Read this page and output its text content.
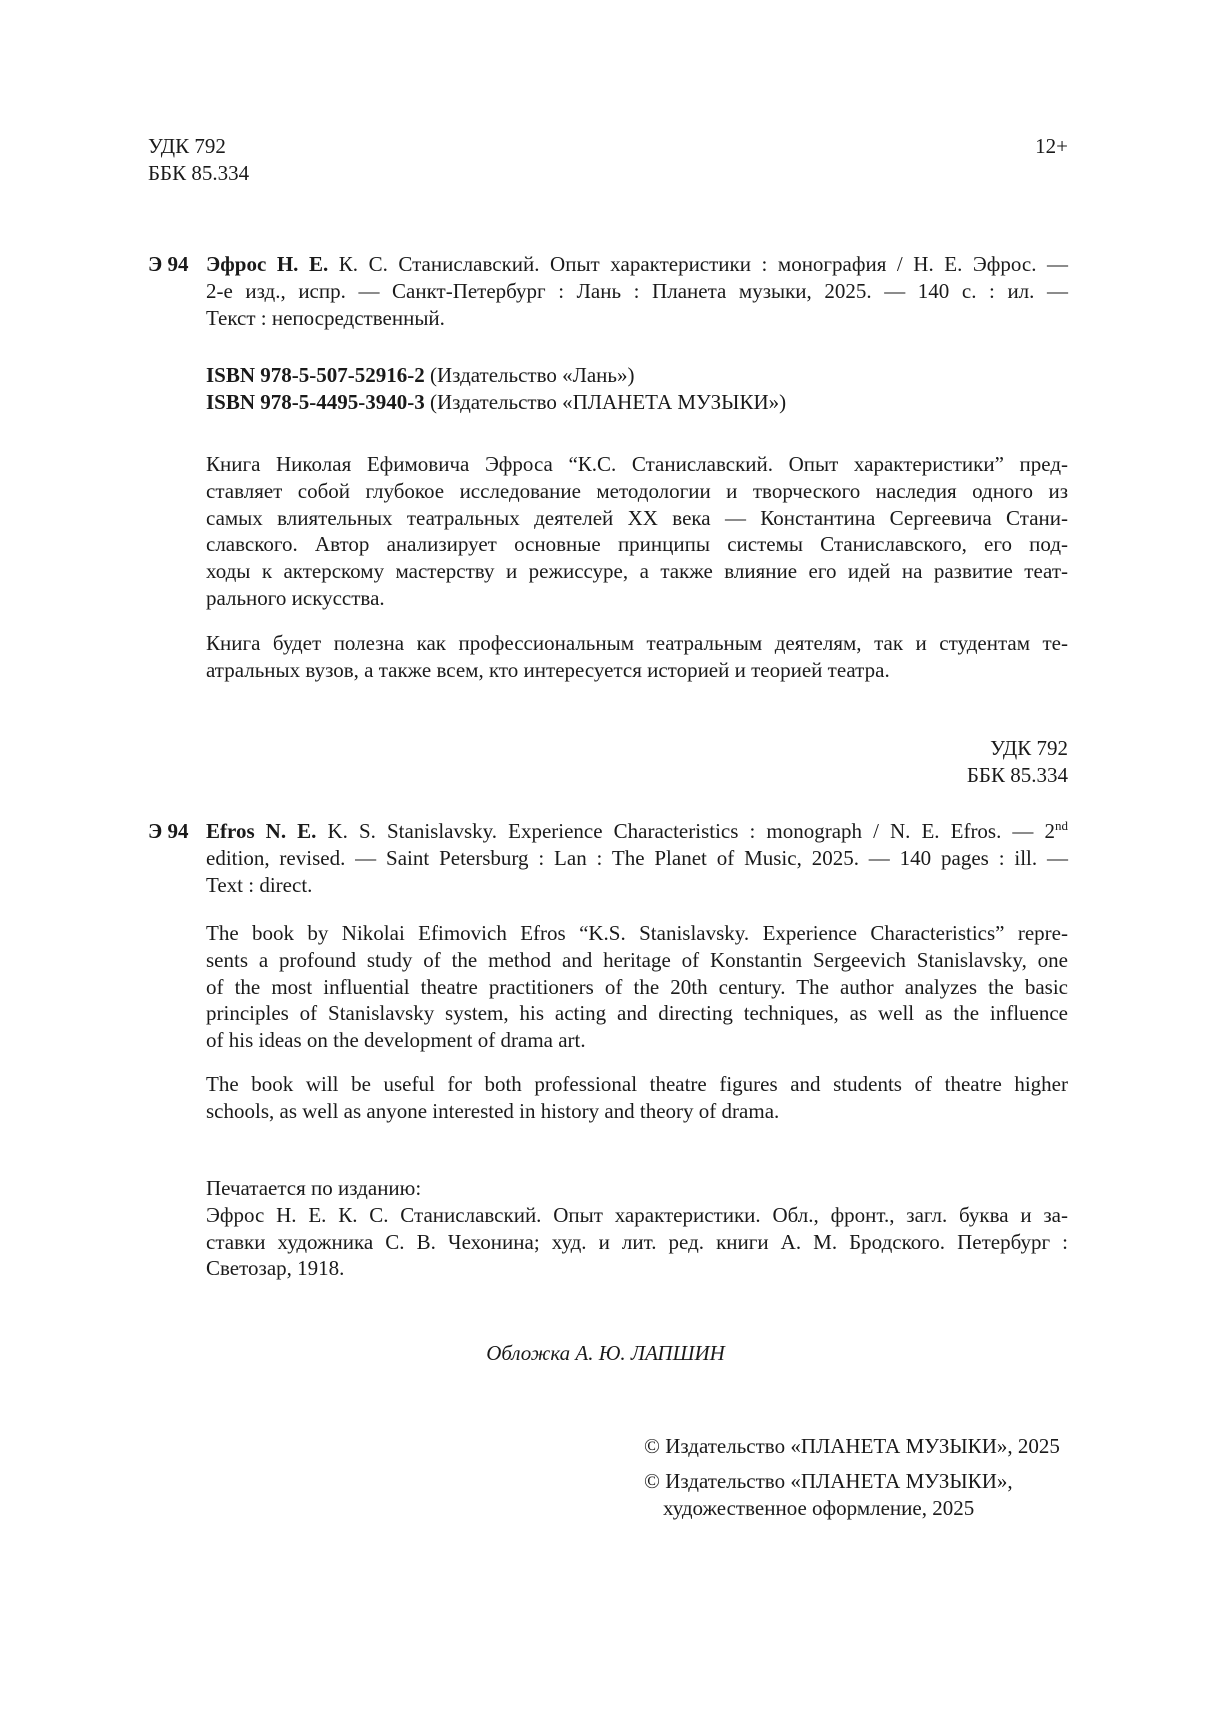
УДК 792
ББК 85.334
12+
Э 94 Эфрос Н. Е. К. С. Станиславский. Опыт характеристики : монография / Н. Е. Эфрос. —
2-е изд., испр. — Санкт-Петербург : Лань : Планета музыки, 2025. — 140 с. : ил. —
Текст : непосредственный.
ISBN 978-5-507-52916-2 (Издательство «Лань»)
ISBN 978-5-4495-3940-3 (Издательство «ПЛАНЕТА МУЗЫКИ»)
Книга Николая Ефимовича Эфроса “К.С. Станиславский. Опыт характеристики” пред-
ставляет собой глубокое исследование методологии и творческого наследия одного из
самых влиятельных театральных деятелей XX века — Константина Сергеевича Стани-
славского. Автор анализирует основные принципы системы Станиславского, его под-
ходы к актерскому мастерству и режиссуре, а также влияние его идей на развитие теат-
рального искусства.
Книга будет полезна как профессиональным театральным деятелям, так и студентам те-
атральных вузов, а также всем, кто интересуется историей и теорией театра.
УДК 792
ББК 85.334
Э 94 Efros N. E. K. S. Stanislavsky. Experience Characteristics : monograph / N. E. Efros. — 2nd
edition, revised. — Saint Petersburg : Lan : The Planet of Music, 2025. — 140 pages : ill. —
Text : direct.
The book by Nikolai Efimovich Efros “K.S. Stanislavsky. Experience Characteristics” repre-
sents a profound study of the method and heritage of Konstantin Sergeevich Stanislavsky, one
of the most influential theatre practitioners of the 20th century. The author analyzes the basic
principles of Stanislavsky system, his acting and directing techniques, as well as the influence
of his ideas on the development of drama art.
The book will be useful for both professional theatre figures and students of theatre higher
schools, as well as anyone interested in history and theory of drama.
Печатается по изданию:
Эфрос Н. Е. К. С. Станиславский. Опыт характеристики. Обл., фронт., загл. буква и за-
ставки художника С. В. Чехонина; худ. и лит. ред. книги А. М. Бродского. Петербург :
Светозар, 1918.
Обложка А. Ю. ЛАПШИН
© Издательство «ПЛАНЕТА МУЗЫКИ», 2025
© Издательство «ПЛАНЕТА МУЗЫКИ»,
художественное оформление, 2025
